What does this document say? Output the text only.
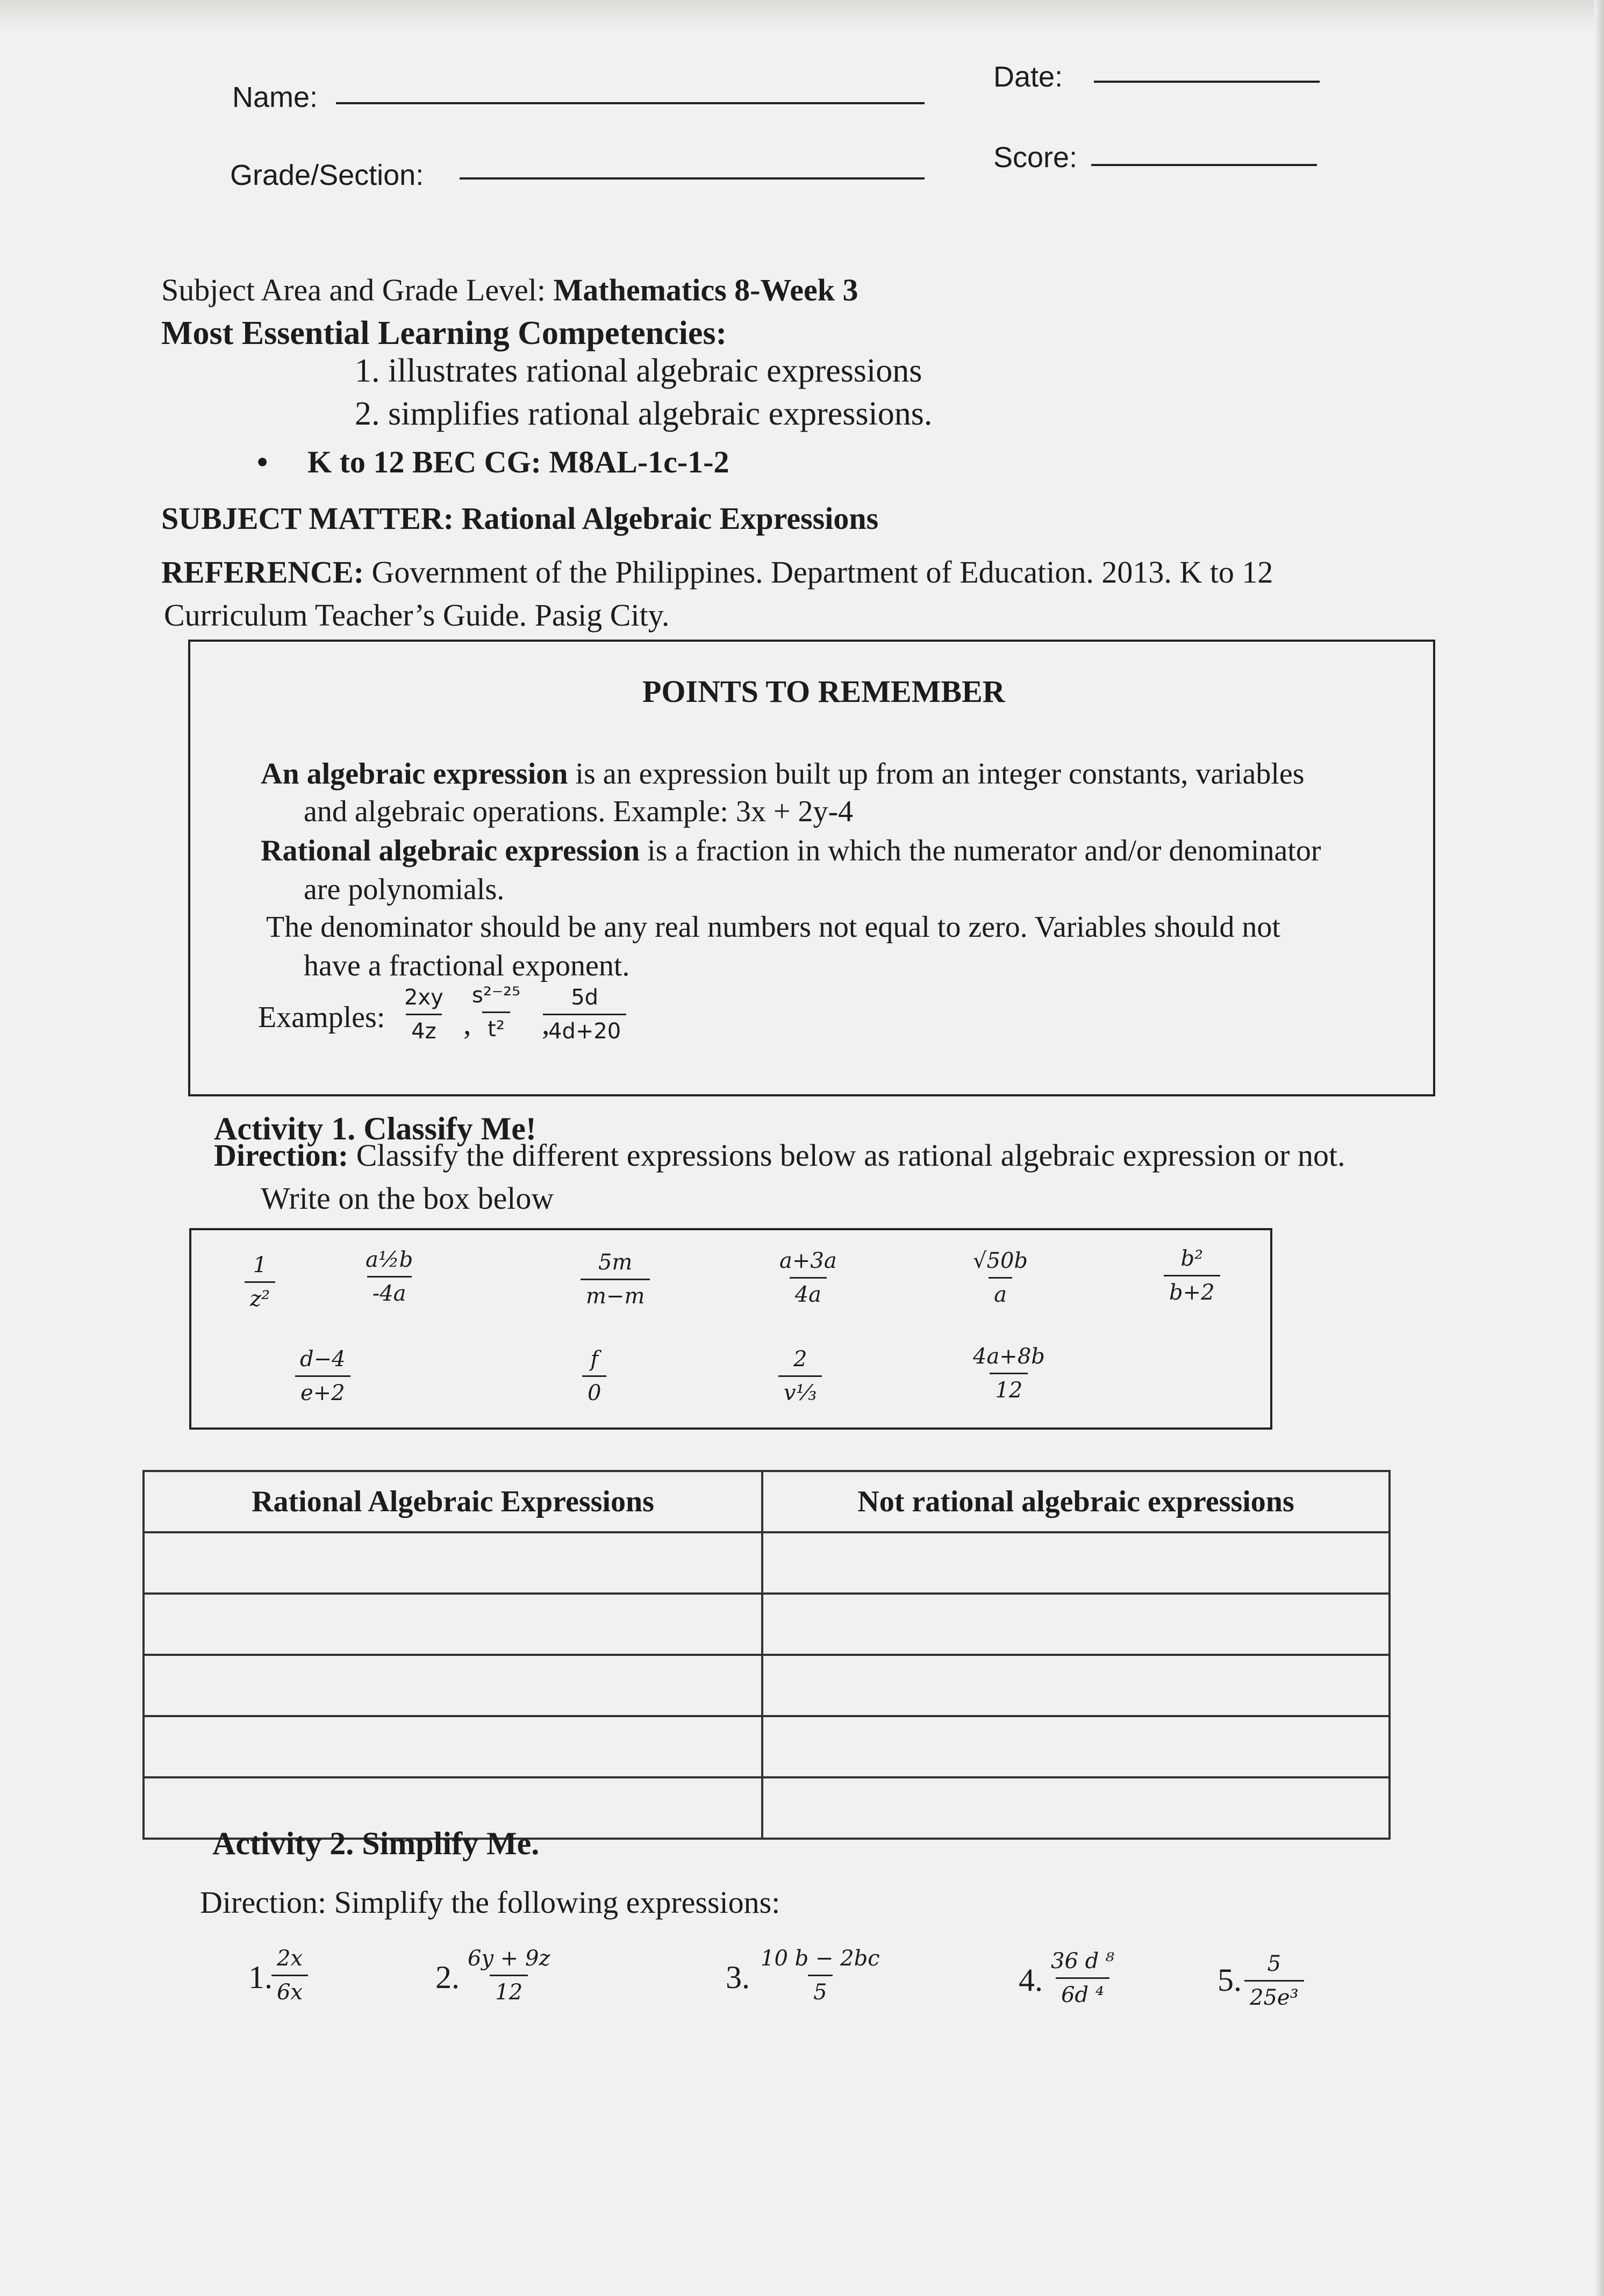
Name:
Date:
Grade/Section:
Score:
Subject Area and Grade Level: Mathematics 8-Week 3
Most Essential Learning Competencies:
1. illustrates rational algebraic expressions
2. simplifies rational algebraic expressions.
• K to 12 BEC CG: M8AL-1c-1-2
SUBJECT MATTER: Rational Algebraic Expressions
REFERENCE: Government of the Philippines. Department of Education. 2013. K to 12
Curriculum Teacher’s Guide. Pasig City.
POINTS TO REMEMBER
An algebraic expression is an expression built up from an integer constants, variables
and algebraic operations. Example: 3x + 2y-4
Rational algebraic expression is a fraction in which the numerator and/or denominator
are polynomials.
The denominator should be any real numbers not equal to zero. Variables should not
have a fractional exponent.
Examples: $\frac{2xy}{4z}$ ,
$\frac{\text{s²⁻²⁵}}{\text{t²}}$ ,
$\frac{5d}{4d+20}$
Activity 1. Classify Me!
Direction: Classify the different expressions below as rational algebraic expression or not.
Write on the box below
$\frac{1}{\text{z²}}$	$\frac{\text{a½b}}{-4a}$	$\frac{5m}{m-m}$	$\frac{a+3a}{4a}$	$\frac{√50b}{a}$	$\frac{\text{b²}}{b+2}$
$\frac{d-4}{e+2}$	$\frac{f}{0}$	$\frac{2}{\text{v⅓}}$	$\frac{4a+8b}{12}$
Rational Algebraic Expressions	Not rational algebraic expressions

Activity 2. Simplify Me.
Direction: Simplify the following expressions:
1.
$\frac{2x}{6x}$	2. $\frac{6y + 9z}{12}$	3. $\frac{10 b - 2bc}{5}$	4. $\frac{\text{36 d ⁸}}{\text{6d ⁴}}$	5. $\frac{5}{\text{25e³}}$
